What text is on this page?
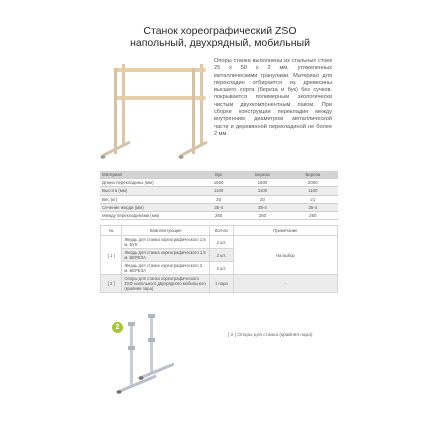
Станок хореографический ZSO
напольный, двухрядный, мобильный
Опоры станка выполнены из стальных стоек 25 х 50 х 2 мм, утяжеленных металлическими гранулами. Материал для перекладин отбирается из древесины высшего сорта (береза и бук) без сучков, покрывается полимерным экологически чистым двухкомпонентным лаком. При сборке конструкции перекладин между внутренним диаметром металлической части и деревянной перекладиной не более 2 мм.
Материал	Бук	Береза	Береза
Длина перекладины (мм)	1500	1500	2000
Высота (мм)	1100	1100	1100
Вес (кг)	20	20	21
Сечение жерди (мм)	35-4	35-4	35-4
Между перекладинами (мм)	260	260	260
№	Комплектующие	Кол-во	Примечание
[ 1 ]	Жердь для станка хореографического 1,5 м. БУК	2 шт.	На выбор
	Жердь для станка хореографического 1,5 м. БЕРЕЗА	2 шт.	
	Жердь для станка хореографического 2 м. БЕРЕЗА	2 шт.	
[ 2 ]	Опоры для станка хореографического ZSO напольного двухрядного мобильного (крайняя пара)	1 пара	-
2
[ 2 ] Опоры для станка (крайняя пара)
